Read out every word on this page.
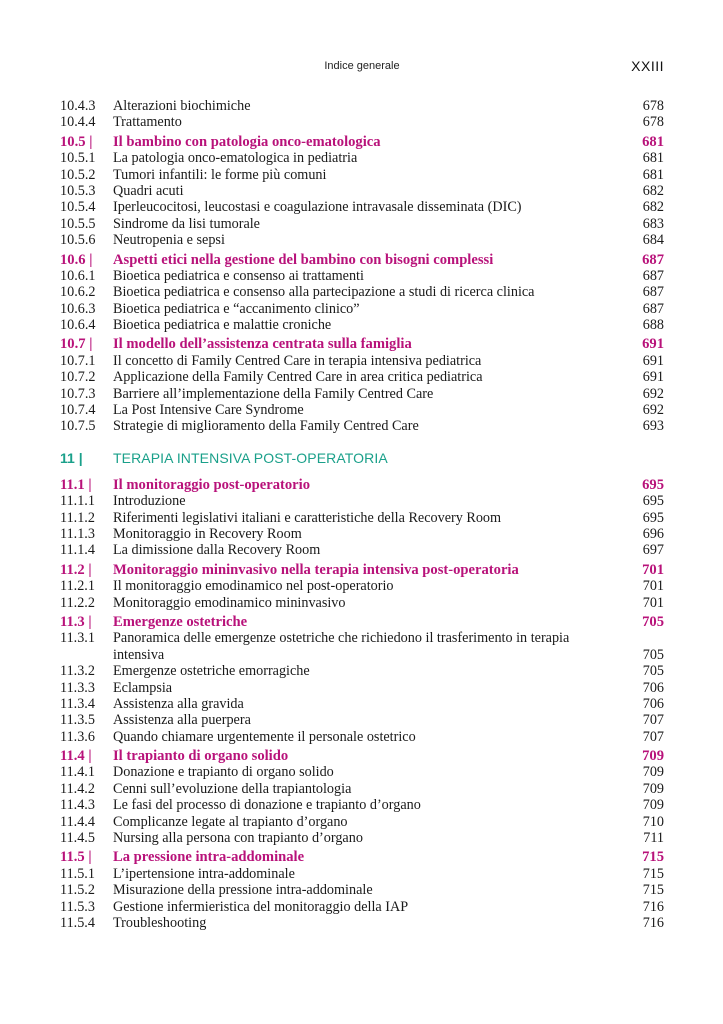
Indice generale	XXIII
10.4.3	Alterazioni biochimiche	678
10.4.4	Trattamento	678
10.5 |	Il bambino con patologia onco-ematologica	681
10.5.1	La patologia onco-ematologica in pediatria	681
10.5.2	Tumori infantili: le forme più comuni	681
10.5.3	Quadri acuti	682
10.5.4	Iperleucocitosi, leucostasi e coagulazione intravasale disseminata (DIC)	682
10.5.5	Sindrome da lisi tumorale	683
10.5.6	Neutropenia e sepsi	684
10.6 |	Aspetti etici nella gestione del bambino con bisogni complessi	687
10.6.1	Bioetica pediatrica e consenso ai trattamenti	687
10.6.2	Bioetica pediatrica e consenso alla partecipazione a studi di ricerca clinica	687
10.6.3	Bioetica pediatrica e “accanimento clinico”	687
10.6.4	Bioetica pediatrica e malattie croniche	688
10.7 |	Il modello dell’assistenza centrata sulla famiglia	691
10.7.1	Il concetto di Family Centred Care in terapia intensiva pediatrica	691
10.7.2	Applicazione della Family Centred Care in area critica pediatrica	691
10.7.3	Barriere all’implementazione della Family Centred Care	692
10.7.4	La Post Intensive Care Syndrome	692
10.7.5	Strategie di miglioramento della Family Centred Care	693
11 |	TERAPIA INTENSIVA POST-OPERATORIA
11.1 |	Il monitoraggio post-operatorio	695
11.1.1	Introduzione	695
11.1.2	Riferimenti legislativi italiani e caratteristiche della Recovery Room	695
11.1.3	Monitoraggio in Recovery Room	696
11.1.4	La dimissione dalla Recovery Room	697
11.2 |	Monitoraggio mininvasivo nella terapia intensiva post-operatoria	701
11.2.1	Il monitoraggio emodinamico nel post-operatorio	701
11.2.2	Monitoraggio emodinamico mininvasivo	701
11.3 |	Emergenze ostetriche	705
11.3.1	Panoramica delle emergenze ostetriche che richiedono il trasferimento in terapia intensiva	705
11.3.2	Emergenze ostetriche emorragiche	705
11.3.3	Eclampsia	706
11.3.4	Assistenza alla gravida	706
11.3.5	Assistenza alla puerpera	707
11.3.6	Quando chiamare urgentemente il personale ostetrico	707
11.4 |	Il trapianto di organo solido	709
11.4.1	Donazione e trapianto di organo solido	709
11.4.2	Cenni sull’evoluzione della trapiantologia	709
11.4.3	Le fasi del processo di donazione e trapianto d’organo	709
11.4.4	Complicanze legate al trapianto d’organo	710
11.4.5	Nursing alla persona con trapianto d’organo	711
11.5 |	La pressione intra-addominale	715
11.5.1	L’ipertensione intra-addominale	715
11.5.2	Misurazione della pressione intra-addominale	715
11.5.3	Gestione infermieristica del monitoraggio della IAP	716
11.5.4	Troubleshooting	716
